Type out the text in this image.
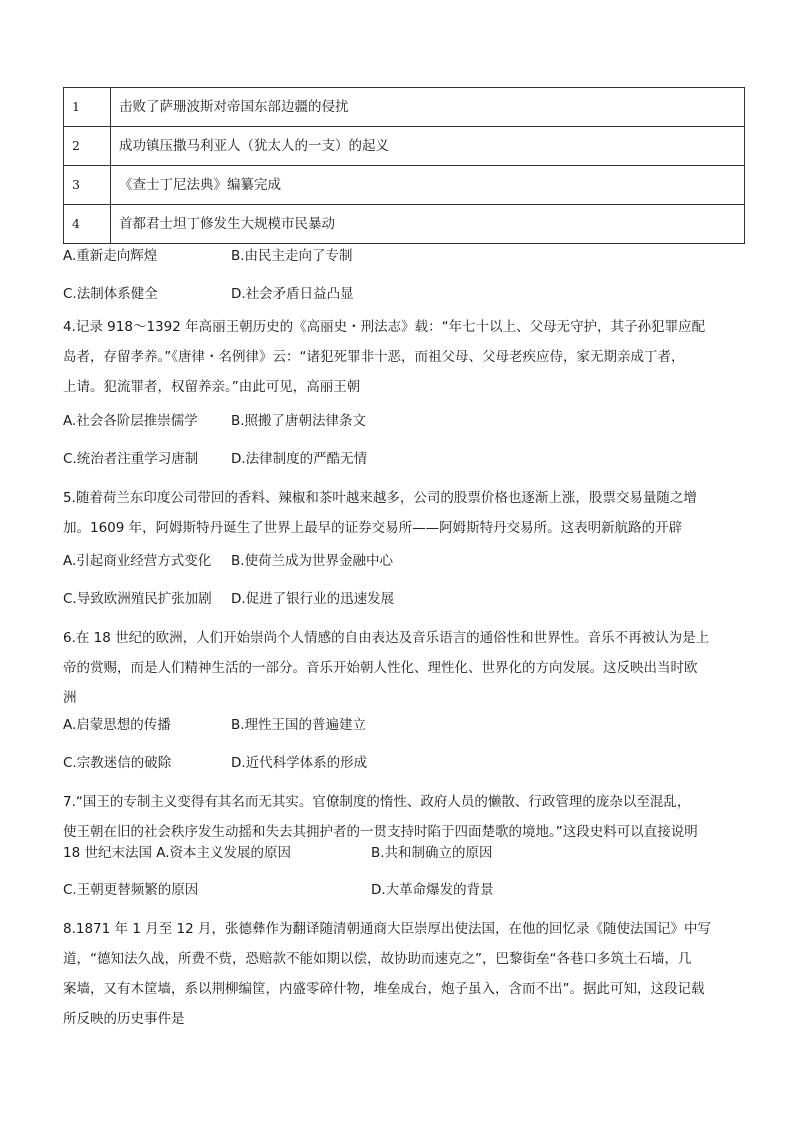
1	击败了萨珊波斯对帝国东部边疆的侵扰
2	成功镇压撒马利亚人（犹太人的一支）的起义
3	《查士丁尼法典》编纂完成
4	首都君士坦丁修发生大规模市民暴动
A.重新走向辉煌	B.由民主走向了专制
C.法制体系健全	D.社会矛盾日益凸显
4.记录 918～1392 年高丽王朝历史的《高丽史・刑法志》载：“年七十以上、父母无守护，其子孙犯罪应配
岛者，存留孝养。”《唐律・名例律》云：“诸犯死罪非十恶，而祖父母、父母老疾应侍，家无期亲成丁者，
上请。犯流罪者，权留养亲。”由此可见，高丽王朝
A.社会各阶层推崇儒学 B.照搬了唐朝法律条文
C.统治者注重学习唐制 D.法律制度的严酷无情
5.随着荷兰东印度公司带回的香料、辣椒和茶叶越来越多，公司的股票价格也逐渐上涨，股票交易量随之增
加。1609 年，阿姆斯特丹诞生了世界上最早的证券交易所——阿姆斯特丹交易所。这表明新航路的开辟
A.引起商业经营方式变化 B.使荷兰成为世界金融中心
C.导致欧洲殖民扩张加剧 D.促进了银行业的迅速发展
6.在 18 世纪的欧洲，人们开始崇尚个人情感的自由表达及音乐语言的通俗性和世界性。音乐不再被认为是上
帝的赏赐，而是人们精神生活的一部分。音乐开始朝人性化、理性化、世界化的方向发展。这反映出当时欧
洲
A.启蒙思想的传播	B.理性王国的普遍建立
C.宗教迷信的破除	D.近代科学体系的形成
7.“国王的专制主义变得有其名而无其实。官僚制度的惰性、政府人员的懒散、行政管理的庞杂以至混乱，
使王朝在旧的社会秩序发生动摇和失去其拥护者的一贯支持时陷于四面楚歌的境地。”这段史料可以直接说明
18 世纪末法国 A.资本主义发展的原因	B.共和制确立的原因
C.王朝更替频繁的原因	D.大革命爆发的背景
8.1871 年 1 月至 12 月，张德彝作为翻译随清朝通商大臣崇厚出使法国，在他的回忆录《随使法国记》中写
道，“德知法久战，所费不赀，恐赔款不能如期以偿，故协助而速克之”，巴黎街垒“各巷口多筑土石墙，几
案墙，又有木筐墙，系以荆柳编筐，内盛零碎什物，堆垒成台，炮子虽入，含而不出”。据此可知，这段记载
所反映的历史事件是
